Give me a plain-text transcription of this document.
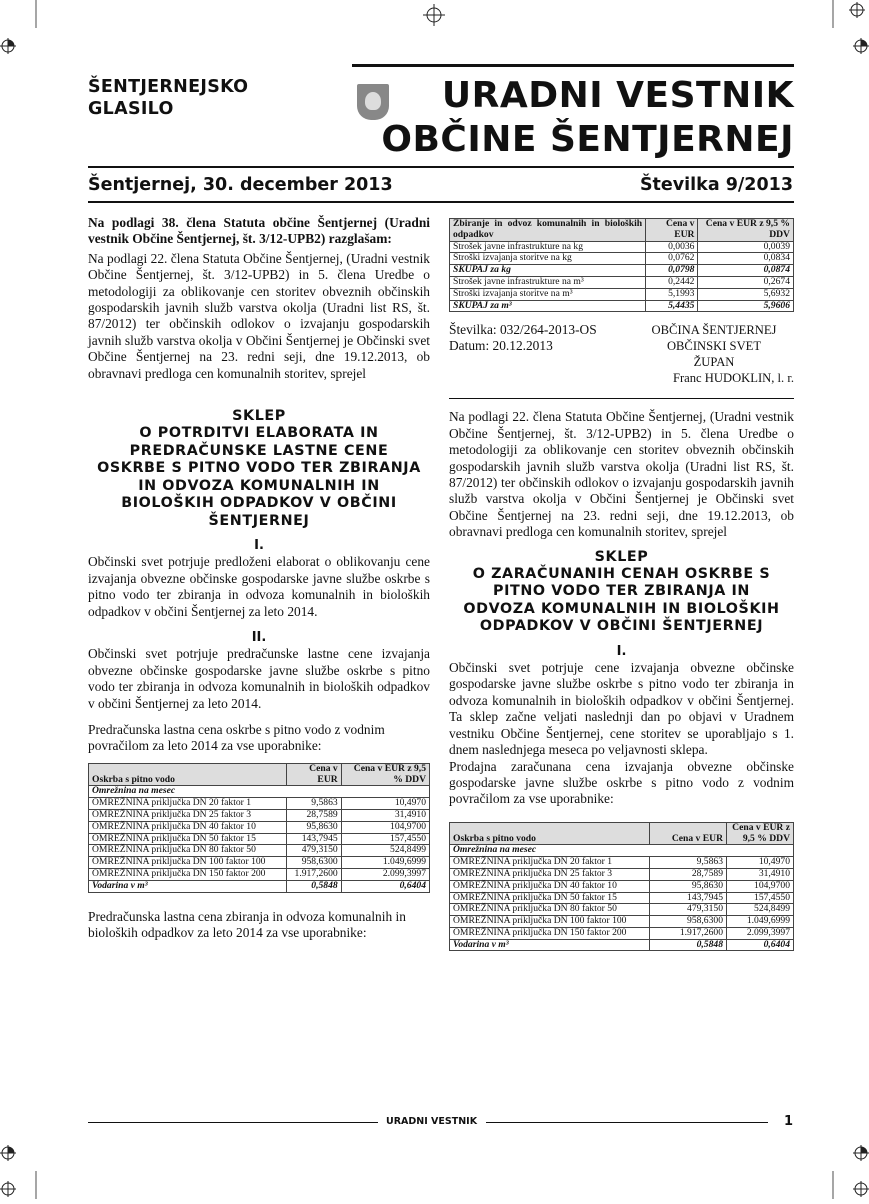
ŠENTJERNEJSKO
GLASILO	URADNI VESTNIK
OBČINE ŠENTJERNEJ
Šentjernej, 30. december 2013	Številka 9/2013

Na podlagi 38. člena Statuta občine Šentjernej (Uradni vestnik Občine Šentjernej, št. 3/12-UPB2) razglašam:

Na podlagi 22. člena Statuta Občine Šentjernej, (Uradni vestnik Občine Šentjernej, št. 3/12-UPB2) in 5. člena Uredbe o metodologiji za oblikovanje cen storitev obveznih občinskih gospodarskih javnih služb varstva okolja (Uradni list RS, št. 87/2012) ter občinskih odlokov o izvajanju gospodarskih javnih služb varstva okolja v Občini Šentjernej je Občinski svet Občine Šentjernej na 23. redni seji, dne 19.12.2013, ob obravnavi predloga cen komunalnih storitev, sprejel

SKLEP
O POTRDITVI ELABORATA IN
PREDRAČUNSKE LASTNE CENE
OSKRBE S PITNO VODO TER ZBIRANJA
IN ODVOZA KOMUNALNIH IN
BIOLOŠKIH ODPADKOV V OBČINI
ŠENTJERNEJ
I.

Občinski svet potrjuje predloženi elaborat o oblikovanju cene izvajanja obvezne občinske gospodarske javne službe oskrbe s pitno vodo ter zbiranja in odvoza komunalnih in bioloških odpadkov v občini Šentjernej za leto 2014.

II.

Občinski svet potrjuje predračunske lastne cene izvajanja obvezne občinske gospodarske javne službe oskrbe s pitno vodo ter zbiranja in odvoza komunalnih in bioloških odpadkov v občini Šentjernej za leto 2014.

Predračunska lastna cena oskrbe s pitno vodo z vodnim povračilom za leto 2014 za vse uporabnike:

Oskrba s pitno vodo	Cena v EUR	Cena v EUR z 9,5 % DDV
Omrežnina na mesec		
OMREŽNINA priključka DN 20 faktor 1	9,5863	10,4970
OMREŽNINA priključka DN 25 faktor 3	28,7589	31,4910
OMREŽNINA priključka DN 40 faktor 10	95,8630	104,9700
OMREŽNINA priključka DN 50 faktor 15	143,7945	157,4550
OMREŽNINA priključka DN 80 faktor 50	479,3150	524,8499
OMREŽNINA priključka DN 100 faktor 100	958,6300	1.049,6999
OMREŽNINA priključka DN 150 faktor 200	1.917,2600	2.099,3997
Vodarina v m³	0,5848	0,6404

Predračunska lastna cena zbiranja in odvoza komunalnih in bioloških odpadkov za leto 2014 za vse uporabnike:

Zbiranje in odvoz komunalnih in bioloških odpadkov	Cena v EUR	Cena v EUR z 9,5 % DDV
Strošek javne infrastrukture na kg	0,0036	0,0039
Stroški izvajanja storitve na kg	0,0762	0,0834
SKUPAJ za kg	0,0798	0,0874
Strošek javne infrastrukture na m³	0,2442	0,2674
Stroški izvajanja storitve na m³	5,1993	5,6932
SKUPAJ za m³	5,4435	5,9606
Številka: 032/264-2013-OS
Datum: 20.12.2013
OBČINA ŠENTJERNEJ
OBČINSKI SVET
ŽUPAN
Franc HUDOKLIN, l. r.

Na podlagi 22. člena Statuta Občine Šentjernej, (Uradni vestnik Občine Šentjernej, št. 3/12-UPB2) in 5. člena Uredbe o metodologiji za oblikovanje cen storitev obveznih občinskih gospodarskih javnih služb varstva okolja (Uradni list RS, št. 87/2012) ter občinskih odlokov o izvajanju gospodarskih javnih služb varstva okolja v Občini Šentjernej je Občinski svet Občine Šentjernej na 23. redni seji, dne 19.12.2013, ob obravnavi predloga cen komunalnih storitev, sprejel

SKLEP
O ZARAČUNANIH CENAH OSKRBE S
PITNO VODO TER ZBIRANJA IN
ODVOZA KOMUNALNIH IN BIOLOŠKIH
ODPADKOV V OBČINI ŠENTJERNEJ
I.

Občinski svet potrjuje cene izvajanja obvezne občinske gospodarske javne službe oskrbe s pitno vodo ter zbiranja in odvoza komunalnih in bioloških odpadkov v občini Šentjernej. Ta sklep začne veljati naslednji dan po objavi v Uradnem vestniku Občine Šentjernej, cene storitev se uporabljajo s 1. dnem naslednjega meseca po veljavnosti sklepa.

Prodajna zaračunana cena izvajanja obvezne občinske gospodarske javne službe oskrbe s pitno vodo z vodnim povračilom za vse uporabnike:

Oskrba s pitno vodo	Cena v EUR	Cena v EUR z 9,5 % DDV
Omrežnina na mesec		
OMREŽNINA priključka DN 20 faktor 1	9,5863	10,4970
OMREŽNINA priključka DN 25 faktor 3	28,7589	31,4910
OMREŽNINA priključka DN 40 faktor 10	95,8630	104,9700
OMREŽNINA priključka DN 50 faktor 15	143,7945	157,4550
OMREŽNINA priključka DN 80 faktor 50	479,3150	524,8499
OMREŽNINA priključka DN 100 faktor 100	958,6300	1.049,6999
OMREŽNINA priključka DN 150 faktor 200	1.917,2600	2.099,3997
Vodarina v m³	0,5848	0,6404
URADNI VESTNIK	1
